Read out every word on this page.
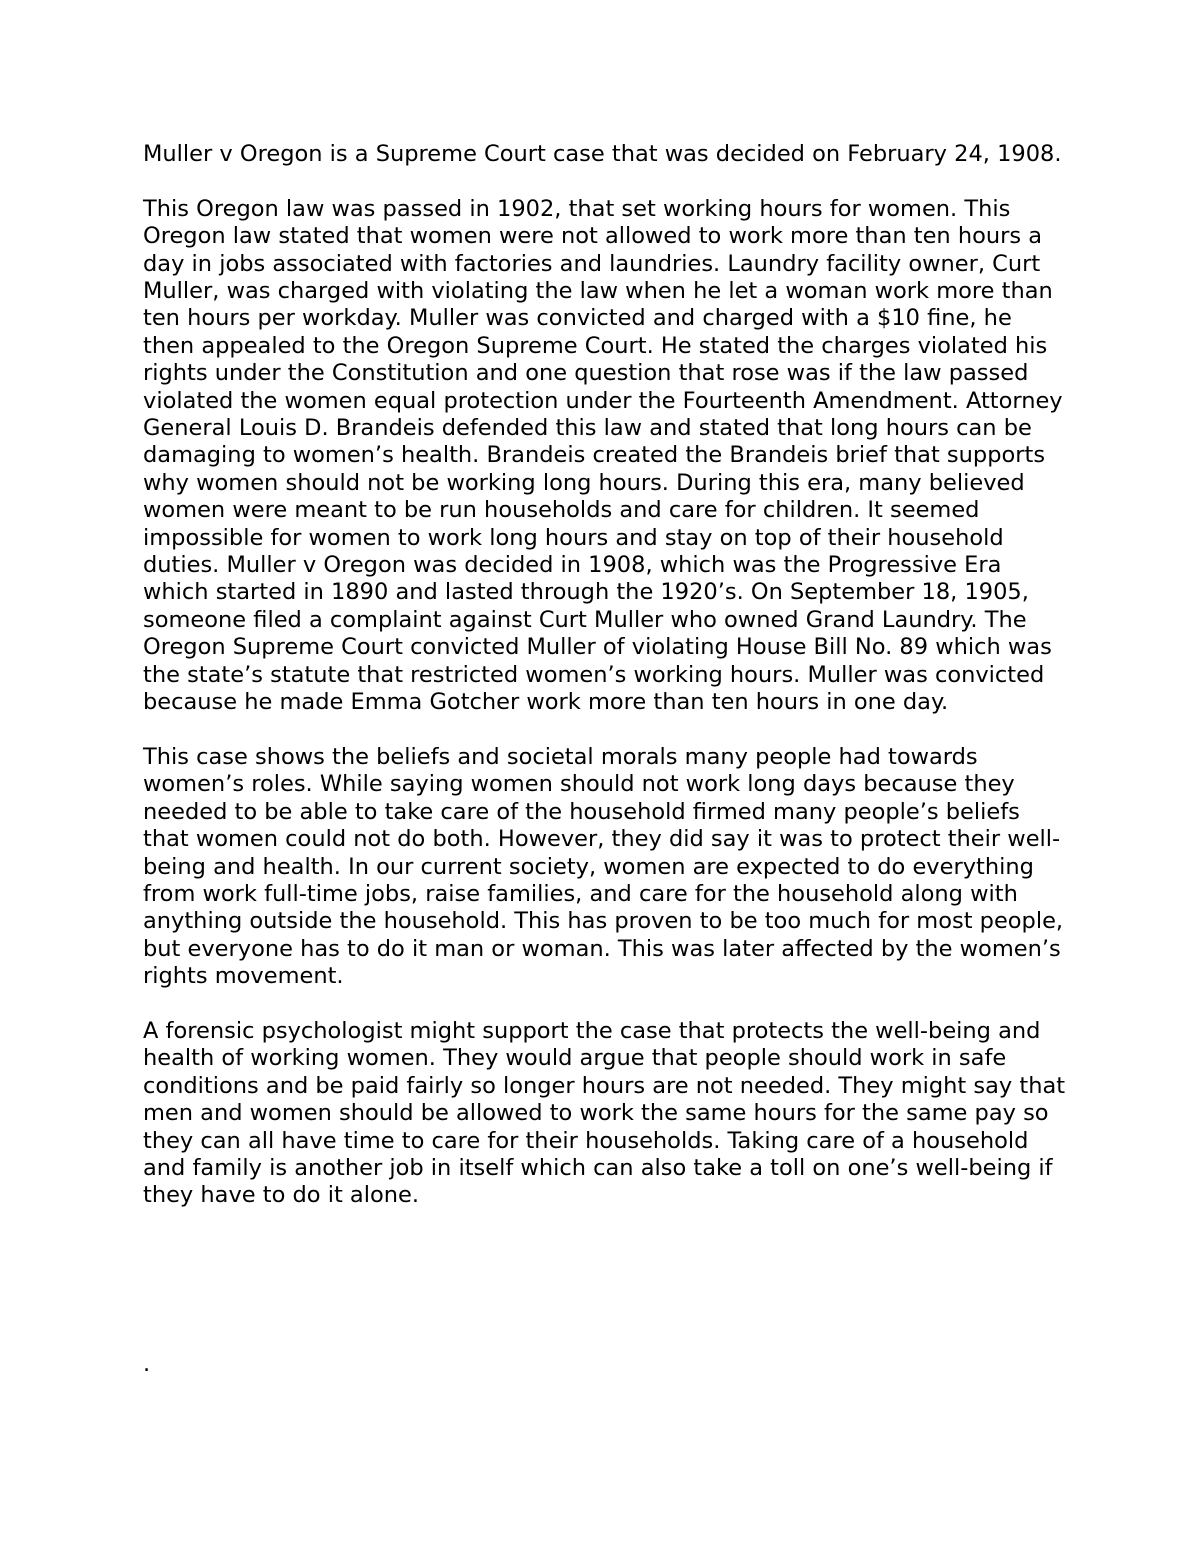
Muller v Oregon is a Supreme Court case that was decided on February 24, 1908.

This Oregon law was passed in 1902, that set working hours for women. This Oregon law stated that women were not allowed to work more than ten hours a day in jobs associated with factories and laundries. Laundry facility owner, Curt Muller, was charged with violating the law when he let a woman work more than ten hours per workday. Muller was convicted and charged with a $10 fine, he then appealed to the Oregon Supreme Court. He stated the charges violated his rights under the Constitution and one question that rose was if the law passed violated the women equal protection under the Fourteenth Amendment. Attorney General Louis D. Brandeis defended this law and stated that long hours can be damaging to women’s health. Brandeis created the Brandeis brief that supports why women should not be working long hours. During this era, many believed women were meant to be run households and care for children. It seemed impossible for women to work long hours and stay on top of their household duties. Muller v Oregon was decided in 1908, which was the Progressive Era which started in 1890 and lasted through the 1920’s. On September 18, 1905, someone filed a complaint against Curt Muller who owned Grand Laundry. The Oregon Supreme Court convicted Muller of violating House Bill No. 89 which was the state’s statute that restricted women’s working hours. Muller was convicted because he made Emma Gotcher work more than ten hours in one day.

This case shows the beliefs and societal morals many people had towards women’s roles. While saying women should not work long days because they needed to be able to take care of the household firmed many people’s beliefs that women could not do both. However, they did say it was to protect their well-being and health. In our current society, women are expected to do everything from work full-time jobs, raise families, and care for the household along with anything outside the household. This has proven to be too much for most people, but everyone has to do it man or woman. This was later affected by the women’s rights movement.

A forensic psychologist might support the case that protects the well-being and health of working women. They would argue that people should work in safe conditions and be paid fairly so longer hours are not needed. They might say that men and women should be allowed to work the same hours for the same pay so they can all have time to care for their households. Taking care of a household and family is another job in itself which can also take a toll on one’s well-being if they have to do it alone.

.
